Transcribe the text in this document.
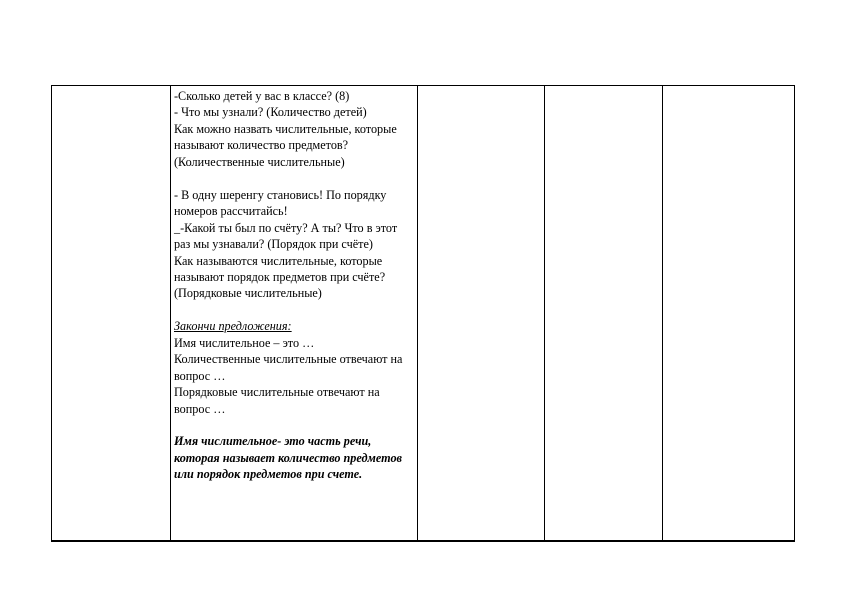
-Сколько детей у вас в классе? (8)
- Что мы узнали? (Количество детей)
Как можно назвать числительные, которые называют количество предметов? (Количественные числительные)

- В одну шеренгу становись! По порядку номеров рассчитайсь!
_-Какой ты был по счёту? А ты? Что в этот раз мы узнавали? (Порядок при счёте)
Как называются числительные, которые называют порядок предметов при счёте? (Порядковые числительные)

Закончи предложения:

Имя числительное – это …
Количественные числительные отвечают на вопрос …
Порядковые числительные отвечают на вопрос …

Имя числительное- это часть речи, которая называет количество предметов или порядок предметов при счете.
